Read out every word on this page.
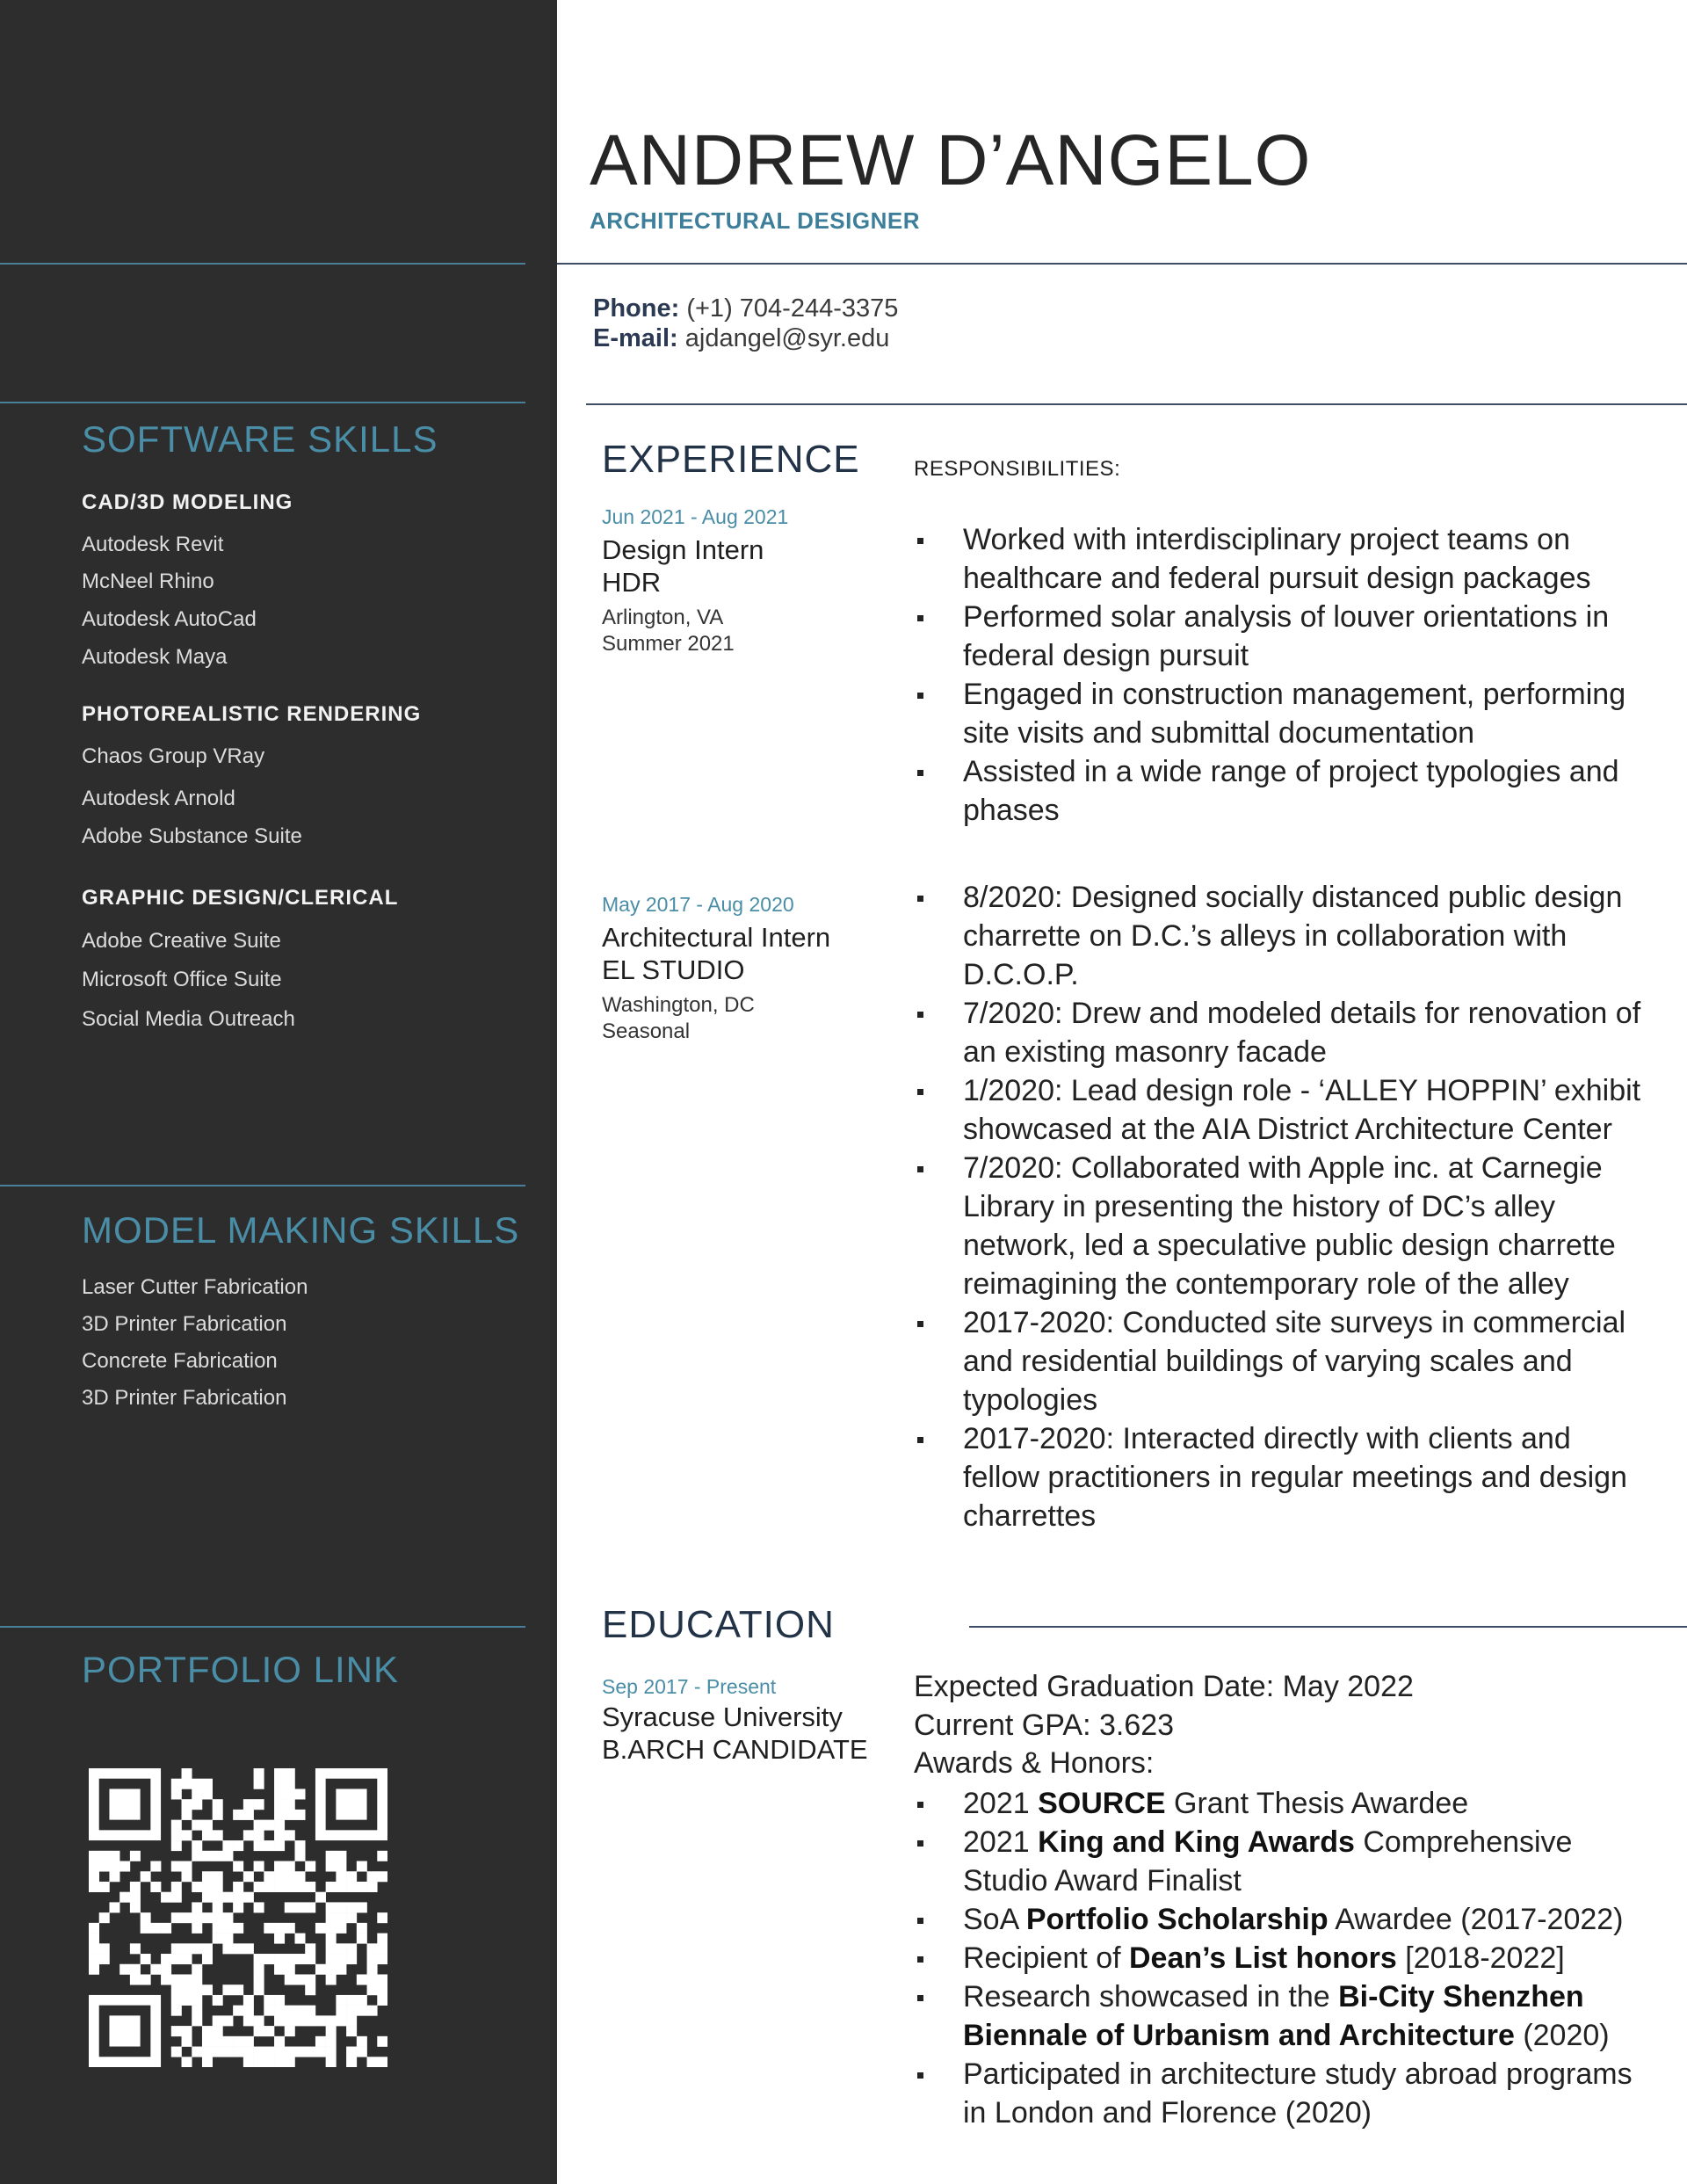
SOFTWARE SKILLS
CAD/3D MODELING
Autodesk Revit
McNeel Rhino
Autodesk AutoCad
Autodesk Maya
PHOTOREALISTIC RENDERING
Chaos Group VRay
Autodesk Arnold
Adobe Substance Suite
GRAPHIC DESIGN/CLERICAL
Adobe Creative Suite
Microsoft Office Suite
Social Media Outreach
MODEL MAKING SKILLS
Laser Cutter Fabrication
3D Printer Fabrication
Concrete Fabrication
3D Printer Fabrication
PORTFOLIO LINK
ANDREW D’ANGELO
ARCHITECTURAL DESIGNER
Phone: (+1) 704-244-3375
E-mail: ajdangel@syr.edu
EXPERIENCE	RESPONSIBILITIES:
Jun 2021 - Aug 2021
Design Intern
HDR
Arlington, VA
Summer 2021
Worked with interdisciplinary project teams on healthcare and federal pursuit design packages
Performed solar analysis of louver orientations in federal design pursuit
Engaged in construction management, performing site visits and submittal documentation
Assisted in a wide range of project typologies and phases
May 2017 - Aug 2020
Architectural Intern
EL STUDIO
Washington, DC
Seasonal
8/2020: Designed socially distanced public design charrette on D.C.’s alleys in collaboration with D.C.O.P.
7/2020: Drew and modeled details for renovation of an existing masonry facade
1/2020: Lead design role - ‘ALLEY HOPPIN’ exhibit showcased at the AIA District Architecture Center
7/2020: Collaborated with Apple inc. at Carnegie Library in presenting the history of DC’s alley network, led a speculative public design charrette reimagining the contemporary role of the alley
2017-2020: Conducted site surveys in commercial and residential buildings of varying scales and typologies
2017-2020: Interacted directly with clients and fellow practitioners in regular meetings and design charrettes
EDUCATION
Sep 2017 - Present
Syracuse University
B.ARCH CANDIDATE
Expected Graduation Date: May 2022
Current GPA: 3.623
Awards & Honors:
2021 SOURCE Grant Thesis Awardee
2021 King and King Awards Comprehensive Studio Award Finalist
SoA Portfolio Scholarship Awardee (2017-2022)
Recipient of Dean’s List honors [2018-2022]
Research showcased in the Bi-City Shenzhen Biennale of Urbanism and Architecture (2020)
Participated in architecture study abroad programs in London and Florence (2020)
